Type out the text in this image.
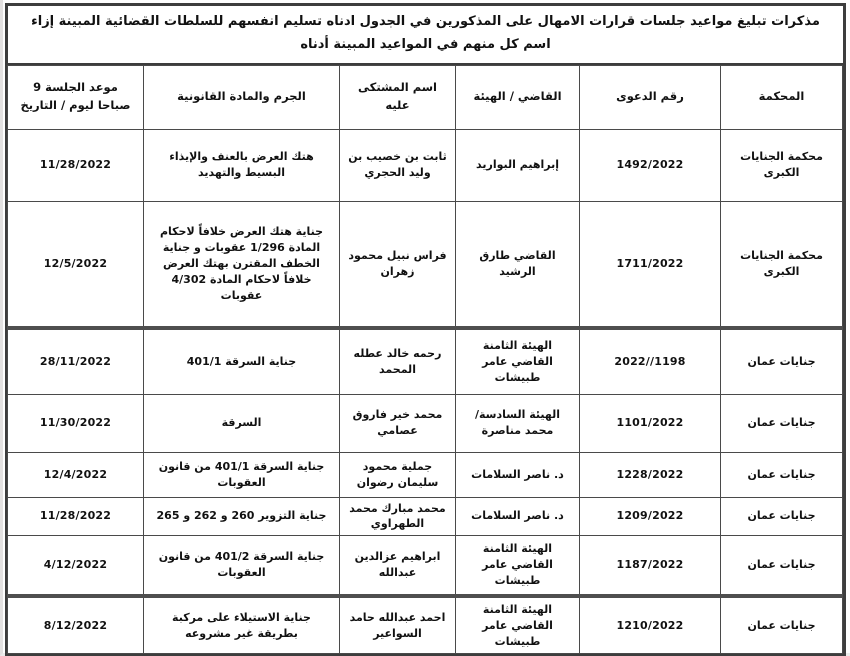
مذكرات تبليغ مواعيد جلسات قرارات الامهال على المذكورين في الجدول ادناه تسليم انفسهم للسلطات القضائية المبينة إزاء اسم كل منهم في المواعيد المبينة أدناه
المحكمة	رقم الدعوى	القاضي / الهيئة	اسم المشتكى عليه	الجرم والمادة القانونية	موعد الجلسة 9 صباحا ليوم / التاريخ
محكمة الجنايات الكبرى	1492/2022	إبراهيم البواريد	ثابت بن خصيب بن وليد الحجري	هتك العرض بالعنف والإيذاء البسيط والتهديد	11/28/2022
محكمة الجنايات الكبرى	1711/2022	القاضي طارق الرشيد	فراس نبيل محمود زهران	جناية هتك العرض خلافاً لاحكام المادة 1/296 عقوبات و جناية الخطف المقترن بهتك العرض خلافاً لاحكام المادة 4/302 عقوبات	12/5/2022
جنايات عمان	1198//2022	الهيئة الثامنة القاضي عامر طبيشات	رحمه خالد عطله المحمد	جناية السرقة 401/1	28/11/2022
جنايات عمان	1101/2022	الهيئة السادسة/محمد مناصرة	محمد خير فاروق عصامي	السرقة	11/30/2022
جنايات عمان	1228/2022	د. ناصر السلامات	جملية محمود سليمان رضوان	جناية السرقة 401/1 من قانون العقوبات	12/4/2022
جنايات عمان	1209/2022	د. ناصر السلامات	محمد مبارك محمد الطهراوي	جناية التزوير 260 و 262 و 265	11/28/2022
جنايات عمان	1187/2022	الهيئة الثامنة القاضي عامر طبيشات	ابراهيم عزالدين عبدالله	جناية السرقة 401/2 من قانون العقوبات	4/12/2022
جنايات عمان	1210/2022	الهيئة الثامنة القاضي عامر طبيشات	احمد عبدالله حامد السواعير	جناية الاستيلاء على مركبة بطريقة غير مشروعه	8/12/2022
